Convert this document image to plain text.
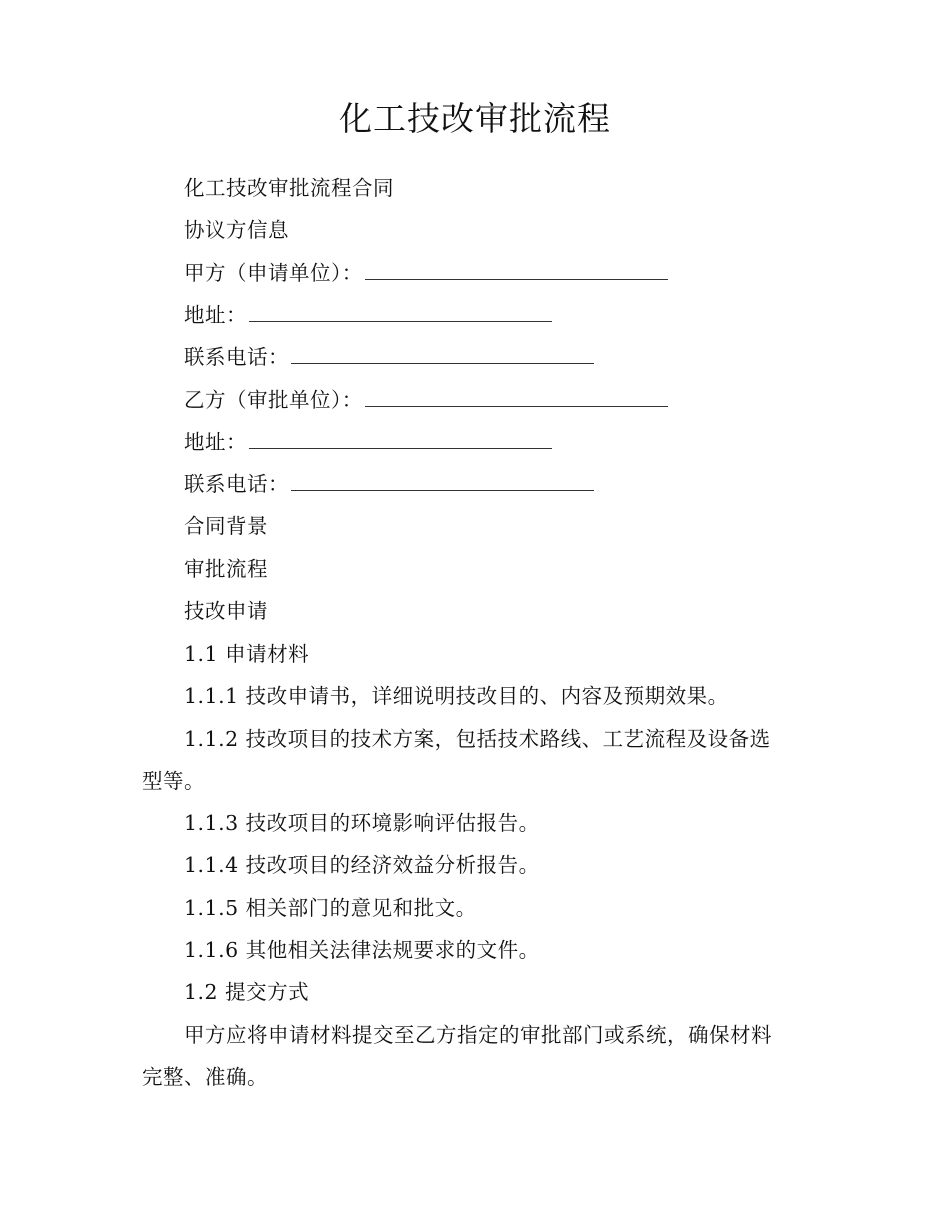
化工技改审批流程
化工技改审批流程合同
协议方信息
甲方（申请单位）：
地址：
联系电话：
乙方（审批单位）：
地址：
联系电话：
合同背景
审批流程
技改申请
1.1 申请材料
1.1.1 技改申请书，详细说明技改目的、内容及预期效果。
1.1.2 技改项目的技术方案，包括技术路线、工艺流程及设备选
型等。
1.1.3 技改项目的环境影响评估报告。
1.1.4 技改项目的经济效益分析报告。
1.1.5 相关部门的意见和批文。
1.1.6 其他相关法律法规要求的文件。
1.2 提交方式
甲方应将申请材料提交至乙方指定的审批部门或系统，确保材料
完整、准确。
